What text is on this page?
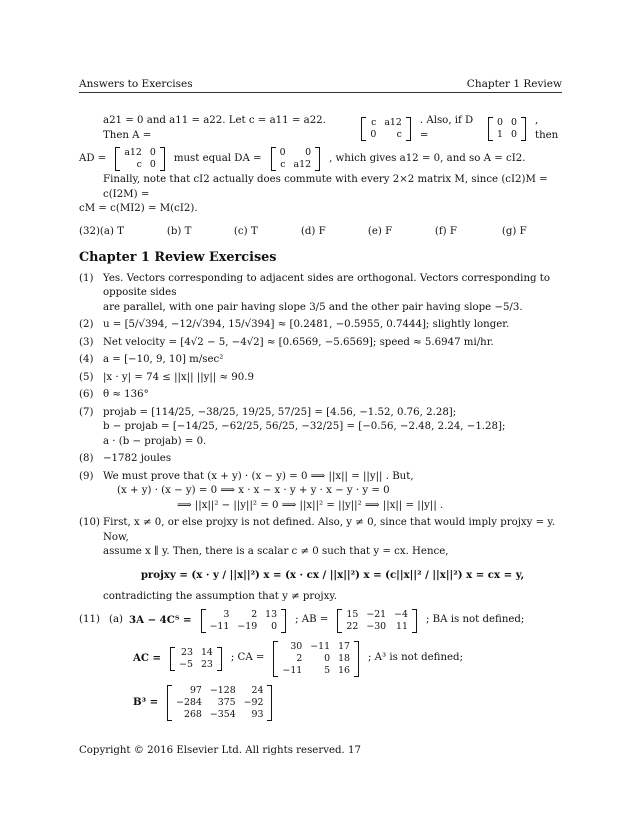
Answers to Exercises	Chapter 1 Review
a21 = 0 and a11 = a22. Let c = a11 = a22. Then A =
c	a12
0	c
. Also, if D =
0	0
1	0
, then
AD =
a12	0
c	0
must equal DA =
0	0
c	a12
, which gives a12 = 0, and so A = cI2.
Finally, note that cI2 actually does commute with every 2×2 matrix M, since (cI2)M = c(I2M) =
cM = c(MI2) = M(cI2).
(32) (a) T	(b) T	(c) T	(d) F	(e) F	(f) F	(g) F
Chapter 1 Review Exercises
(1) Yes. Vectors corresponding to adjacent sides are orthogonal. Vectors corresponding to opposite sides
are parallel, with one pair having slope 3/5 and the other pair having slope −5/3.
(2) u = [5/√394, −12/√394, 15/√394] ≈ [0.2481, −0.5955, 0.7444]; slightly longer.
(3) Net velocity = [4√2 − 5, −4√2] ≈ [0.6569, −5.6569]; speed ≈ 5.6947 mi/hr.
(4) a = [−10, 9, 10] m/sec²
(5) |x · y| = 74 ≤ ||x|| ||y|| ≈ 90.9
(6) θ ≈ 136°
(7) projab = [114/25, −38/25, 19/25, 57/25] = [4.56, −1.52, 0.76, 2.28];
b − projab = [−14/25, −62/25, 56/25, −32/25] = [−0.56, −2.48, 2.24, −1.28];
a · (b − projab) = 0.
(8) −1782 joules
(9) We must prove that (x + y) · (x − y) = 0 ⟹ ||x|| = ||y|| . But,
(x + y) · (x − y) = 0 ⟹ x · x − x · y + y · x − y · y = 0
⟹ ||x||² − ||y||² = 0 ⟹ ||x||² = ||y||² ⟹ ||x|| = ||y|| .
(10) First, x ≠ 0, or else projxy is not defined. Also, y ≠ 0, since that would imply projxy = y. Now,
assume x ∥ y. Then, there is a scalar c ≠ 0 such that y = cx. Hence,
projxy = (x · y / ||x||²) x = (x · cx / ||x||²) x = (c||x||² / ||x||²) x = cx = y,
contradicting the assumption that y ≠ projxy.
(11) (a) 3A − 4Cᵀ =
3	2	13
−11	−19	0
; AB =
15	−21	−4
22	−30	11
; BA is not defined;
AC =
23	14
−5	23
; CA =
30	−11	17
2	0	18
−11	5	16
; A³ is not defined;
B³ =
97	−128	24
−284	375	−92
268	−354	93
Copyright © 2016 Elsevier Ltd. All rights reserved. 17
